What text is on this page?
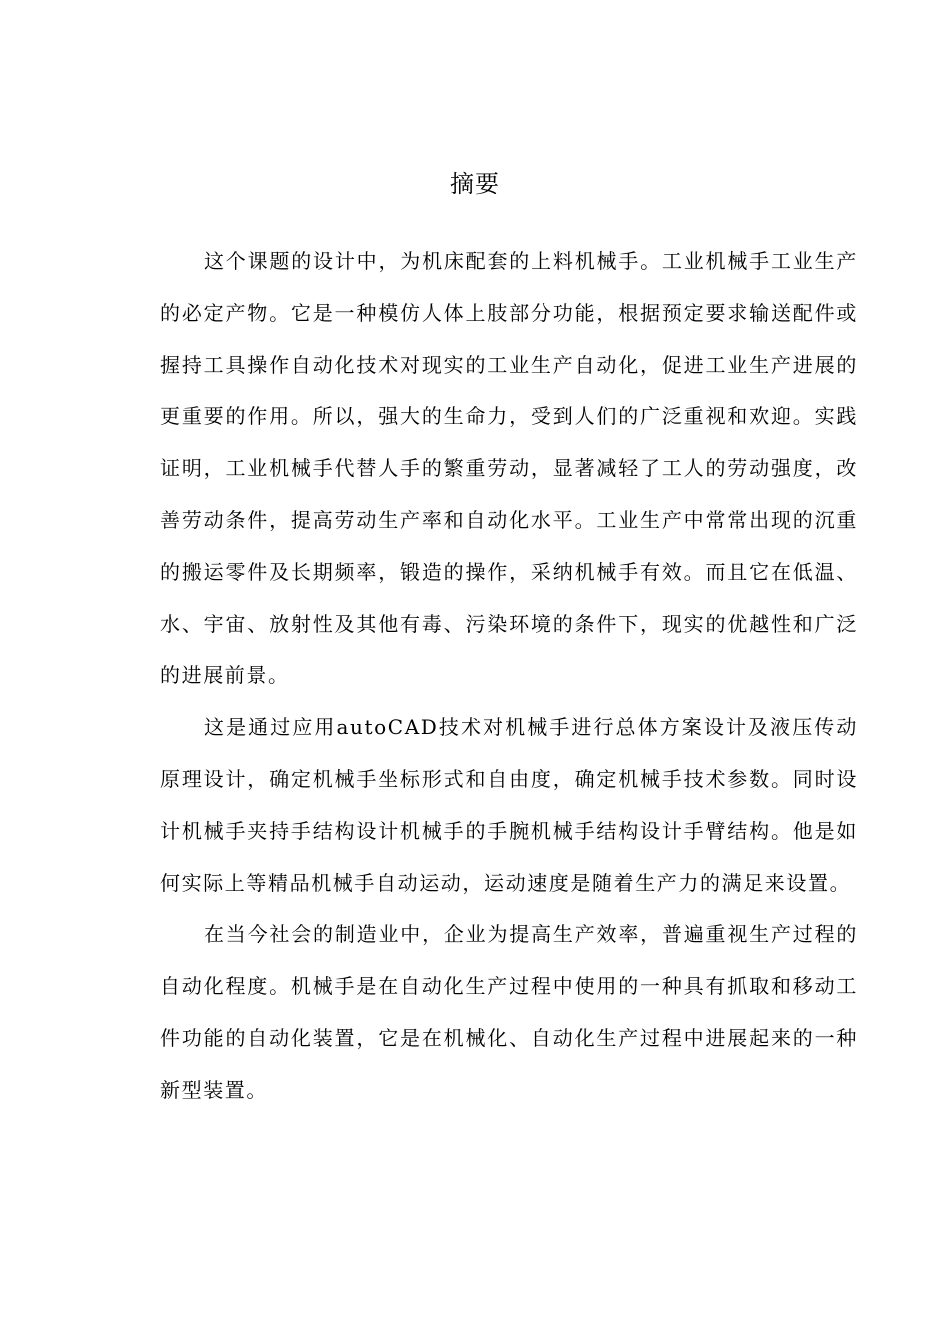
摘要

这个课题的设计中，为机床配套的上料机械手。工业机械手工业生产的必定产物。它是一种模仿人体上肢部分功能，根据预定要求输送配件或握持工具操作自动化技术对现实的工业生产自动化，促进工业生产进展的更重要的作用。所以，强大的生命力，受到人们的广泛重视和欢迎。实践证明，工业机械手代替人手的繁重劳动，显著减轻了工人的劳动强度，改善劳动条件，提高劳动生产率和自动化水平。工业生产中常常出现的沉重的搬运零件及长期频率，锻造的操作，采纳机械手有效。而且它在低温、水、宇宙、放射性及其他有毒、污染环境的条件下，现实的优越性和广泛的进展前景。

这是通过应用autoCAD技术对机械手进行总体方案设计及液压传动原理设计，确定机械手坐标形式和自由度，确定机械手技术参数。同时设计机械手夹持手结构设计机械手的手腕机械手结构设计手臂结构。他是如何实际上等精品机械手自动运动，运动速度是随着生产力的满足来设置。

在当今社会的制造业中，企业为提高生产效率，普遍重视生产过程的自动化程度。机械手是在自动化生产过程中使用的一种具有抓取和移动工件功能的自动化装置，它是在机械化、自动化生产过程中进展起来的一种新型装置。
